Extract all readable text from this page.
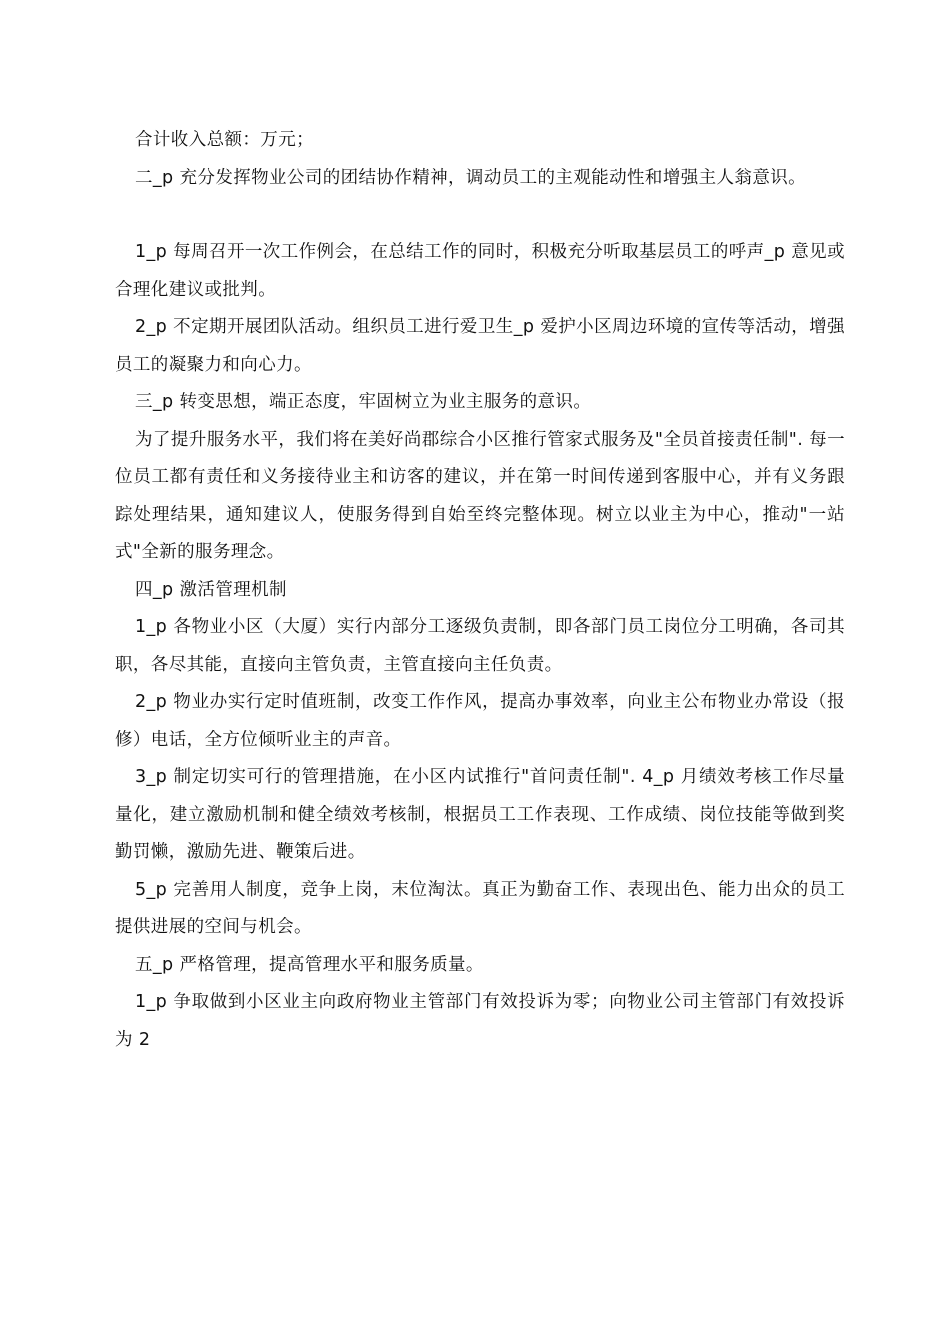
合计收入总额：万元；

二_p 充分发挥物业公司的团结协作精神，调动员工的主观能动性和增强主人翁意识。

1_p 每周召开一次工作例会，在总结工作的同时，积极充分听取基层员工的呼声_p 意见或合理化建议或批判。

2_p 不定期开展团队活动。组织员工进行爱卫生_p 爱护小区周边环境的宣传等活动，增强员工的凝聚力和向心力。

三_p 转变思想，端正态度，牢固树立为业主服务的意识。

为了提升服务水平，我们将在美好尚郡综合小区推行管家式服务及"全员首接责任制". 每一位员工都有责任和义务接待业主和访客的建议，并在第一时间传递到客服中心，并有义务跟踪处理结果，通知建议人，使服务得到自始至终完整体现。树立以业主为中心，推动"一站式"全新的服务理念。

四_p 激活管理机制

1_p 各物业小区（大厦）实行内部分工逐级负责制，即各部门员工岗位分工明确，各司其职，各尽其能，直接向主管负责，主管直接向主任负责。

2_p 物业办实行定时值班制，改变工作作风，提高办事效率，向业主公布物业办常设（报修）电话，全方位倾听业主的声音。

3_p 制定切实可行的管理措施，在小区内试推行"首问责任制". 4_p 月绩效考核工作尽量量化，建立激励机制和健全绩效考核制，根据员工工作表现、工作成绩、岗位技能等做到奖勤罚懒，激励先进、鞭策后进。

5_p 完善用人制度，竞争上岗，末位淘汰。真正为勤奋工作、表现出色、能力出众的员工提供进展的空间与机会。

五_p 严格管理，提高管理水平和服务质量。

1_p 争取做到小区业主向政府物业主管部门有效投诉为零；向物业公司主管部门有效投诉为 2
